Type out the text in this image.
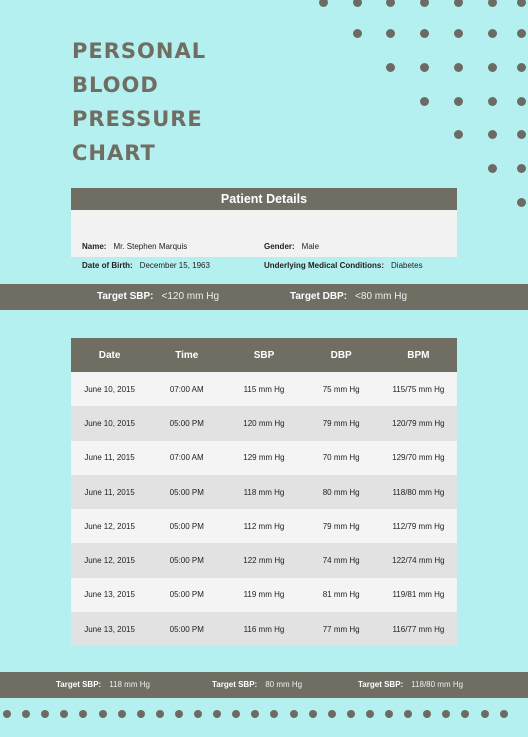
PERSONAL
BLOOD
PRESSURE
CHART
Patient Details
Name: Mr. Stephen Marquis	Gender: Male
Date of Birth: December 15, 1963	Underlying Medical Conditions: Diabetes
Target SBP: <120 mm Hg	Target DBP: <80 mm Hg
Date	Time	SBP	DBP	BPM
June 10, 2015	07:00 AM	115 mm Hg	75 mm Hg	115/75 mm Hg
June 10, 2015	05:00 PM	120 mm Hg	79 mm Hg	120/79 mm Hg
June 11, 2015	07:00 AM	129 mm Hg	70 mm Hg	129/70 mm Hg
June 11, 2015	05:00 PM	118 mm Hg	80 mm Hg	118/80 mm Hg
June 12, 2015	05:00 PM	112 mm Hg	79 mm Hg	112/79 mm Hg
June 12, 2015	05:00 PM	122 mm Hg	74 mm Hg	122/74 mm Hg
June 13, 2015	05:00 PM	119 mm Hg	81 mm Hg	119/81 mm Hg
June 13, 2015	05:00 PM	116 mm Hg	77 mm Hg	116/77 mm Hg
Target SBP: 118 mm Hg	Target SBP: 80 mm Hg	Target SBP: 118/80 mm Hg
